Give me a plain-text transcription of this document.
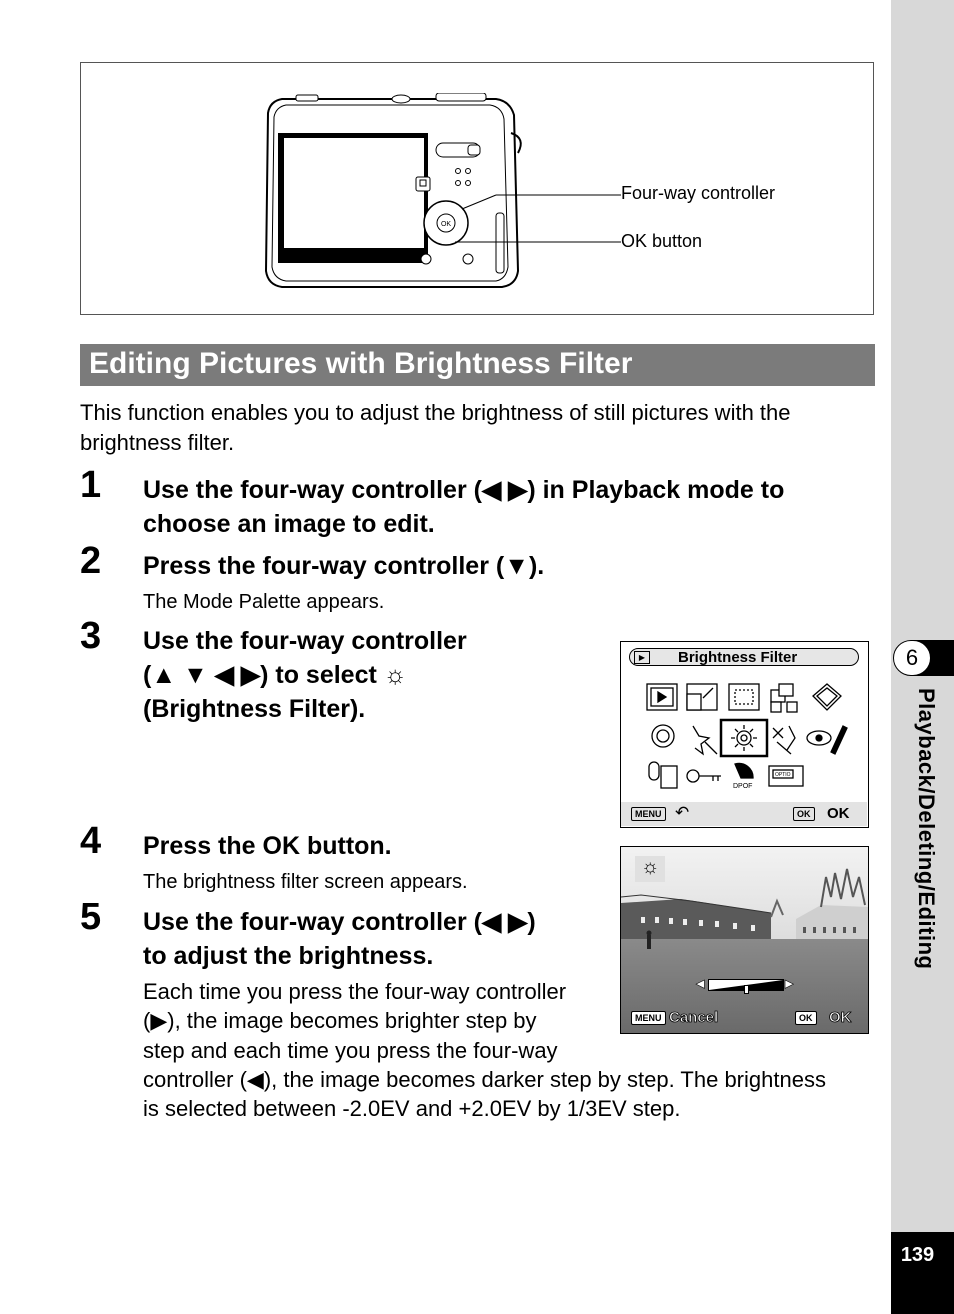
6
Playback/Deleting/Editing
139
OK
Four-way controller
OK button
Editing Pictures with Brightness Filter
This function enables you to adjust the brightness of still pictures with the
brightness filter.
1 Use the four-way controller (◀ ▶) in Playback mode to
choose an image to edit.
2 Press the four-way controller (▼).
The Mode Palette appears.
3 Use the four-way controller
(▲ ▼ ◀ ▶) to select ☼
(Brightness Filter).
▶	Brightness Filter
DPOF
OPTIO
MENU ↶	OK OK
4 Press the OK button.
The brightness filter screen appears.
☼
◀	▶
MENU Cancel	OK OK
5 Use the four-way controller (◀ ▶)
to adjust the brightness.
Each time you press the four-way controller
(▶), the image becomes brighter step by
step and each time you press the four-way
controller (◀), the image becomes darker step by step. The brightness
is selected between -2.0EV and +2.0EV by 1/3EV step.
